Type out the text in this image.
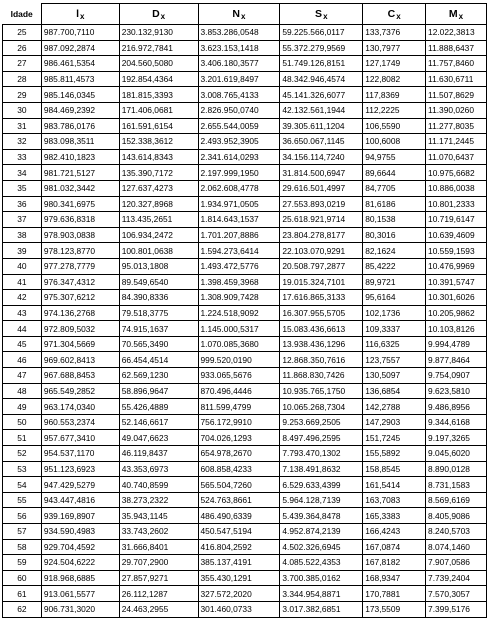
Idade	$l_x$	$D_x$	$N_x$	$S_x$	$C_x$	$M_x$
25	987.700,7110	230.132,9130	3.853.286,0548	59.225.566,0117	133,7376	12.022,3813
26	987.092,2874	216.972,7841	3.623.153,1418	55.372.279,9569	130,7977	11.888,6437
27	986.461,5354	204.560,5080	3.406.180,3577	51.749.126,8151	127,1749	11.757,8460
28	985.811,4573	192.854,4364	3.201.619,8497	48.342.946,4574	122,8082	11.630,6711
29	985.146,0345	181.815,3393	3.008.765,4133	45.141.326,6077	117,8369	11.507,8629
30	984.469,2392	171.406,0681	2.826.950,0740	42.132.561,1944	112,2225	11.390,0260
31	983.786,0176	161.591,6154	2.655.544,0059	39.305.611,1204	106,5590	11.277,8035
32	983.098,3511	152.338,3612	2.493.952,3905	36.650.067,1145	100,6008	11.171,2445
33	982.410,1823	143.614,8343	2.341.614,0293	34.156.114,7240	94,9755	11.070,6437
34	981.721,5127	135.390,7172	2.197.999,1950	31.814.500,6947	89,6644	10.975,6682
35	981.032,3442	127.637,4273	2.062.608,4778	29.616.501,4997	84,7705	10.886,0038
36	980.341,6975	120.327,8968	1.934.971,0505	27.553.893,0219	81,6186	10.801,2333
37	979.636,8318	113.435,2651	1.814.643,1537	25.618.921,9714	80,1538	10.719,6147
38	978.903,0838	106.934,2472	1.701.207,8886	23.804.278,8177	80,3016	10.639,4609
39	978.123,8770	100.801,0638	1.594.273,6414	22.103.070,9291	82,1624	10.559,1593
40	977.278,7779	95.013,1808	1.493.472,5776	20.508.797,2877	85,4222	10.476,9969
41	976.347,4312	89.549,6540	1.398.459,3968	19.015.324,7101	89,9721	10.391,5747
42	975.307,6212	84.390,8336	1.308.909,7428	17.616.865,3133	95,6164	10.301,6026
43	974.136,2768	79.518,3775	1.224.518,9092	16.307.955,5705	102,1736	10.205,9862
44	972.809,5032	74.915,1637	1.145.000,5317	15.083.436,6613	109,3337	10.103,8126
45	971.304,5669	70.565,3490	1.070.085,3680	13.938.436,1296	116,6325	9.994,4789
46	969.602,8413	66.454,4514	999.520,0190	12.868.350,7616	123,7557	9.877,8464
47	967.688,8453	62.569,1230	933.065,5676	11.868.830,7426	130,5097	9.754,0907
48	965.549,2852	58.896,9647	870.496,4446	10.935.765,1750	136,6854	9.623,5810
49	963.174,0340	55.426,4889	811.599,4799	10.065.268,7304	142,2788	9.486,8956
50	960.553,2374	52.146,6617	756.172,9910	9.253.669,2505	147,2903	9.344,6168
51	957.677,3410	49.047,6623	704.026,1293	8.497.496,2595	151,7245	9.197,3265
52	954.537,1170	46.119,8437	654.978,2670	7.793.470,1302	155,5892	9.045,6020
53	951.123,6923	43.353,6973	608.858,4233	7.138.491,8632	158,8545	8.890,0128
54	947.429,5279	40.740,8599	565.504,7260	6.529.633,4399	161,5414	8.731,1583
55	943.447,4816	38.273,2322	524.763,8661	5.964.128,7139	163,7083	8.569,6169
56	939.169,8907	35.943,1145	486.490,6339	5.439.364,8478	165,3383	8.405,9086
57	934.590,4983	33.743,2602	450.547,5194	4.952.874,2139	166,4243	8.240,5703
58	929.704,4592	31.666,8401	416.804,2592	4.502.326,6945	167,0874	8.074,1460
59	924.504,6222	29.707,2900	385.137,4191	4.085.522,4353	167,8182	7.907,0586
60	918.968,6885	27.857,9271	355.430,1291	3.700.385,0162	168,9347	7.739,2404
61	913.061,5577	26.112,1287	327.572,2020	3.344.954,8871	170,7881	7.570,3057
62	906.731,3020	24.463,2955	301.460,0733	3.017.382,6851	173,5509	7.399,5176
